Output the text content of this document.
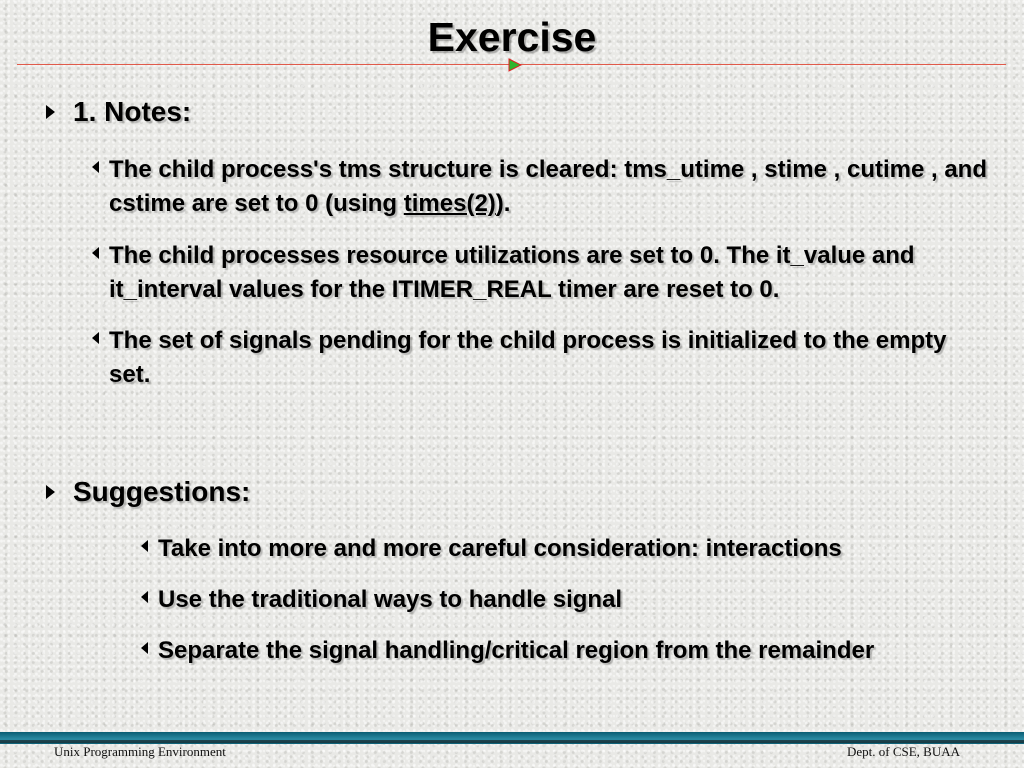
Exercise
1. Notes:
The child process's tms structure is cleared: tms_utime , stime , cutime , and cstime are set to 0 (using times(2)).
The child processes resource utilizations are set to 0. The it_value and it_interval values for the ITIMER_REAL timer are reset to 0.
The set of signals pending for the child process is initialized to the empty set.
Suggestions:
Take into more and more careful consideration: interactions
Use the traditional ways to handle signal
Separate the signal handling/critical region from the remainder
Unix Programming Environment	Dept. of CSE, BUAA
